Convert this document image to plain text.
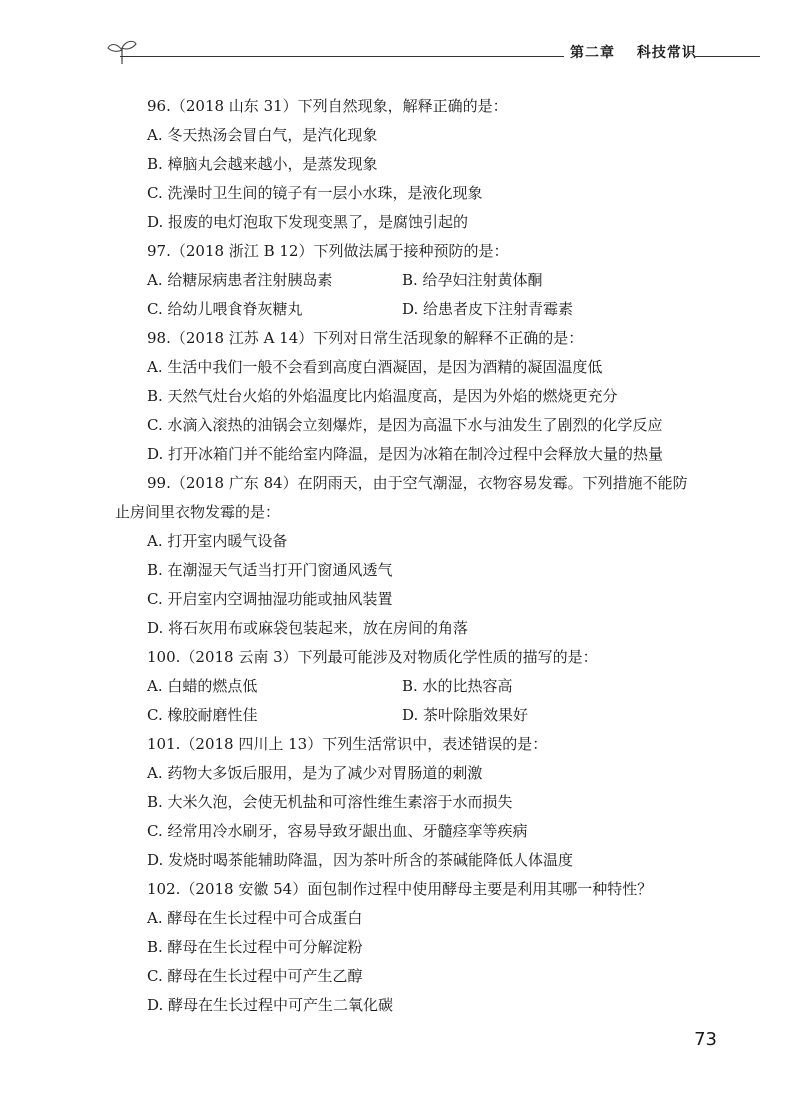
第二章 科技常识
96.（2018 山东 31）下列自然现象，解释正确的是：
A. 冬天热汤会冒白气，是汽化现象
B. 樟脑丸会越来越小，是蒸发现象
C. 洗澡时卫生间的镜子有一层小水珠，是液化现象
D. 报废的电灯泡取下发现变黑了，是腐蚀引起的
97.（2018 浙江 B 12）下列做法属于接种预防的是：
A. 给糖尿病患者注射胰岛素	B. 给孕妇注射黄体酮
C. 给幼儿喂食脊灰糖丸	D. 给患者皮下注射青霉素
98.（2018 江苏 A 14）下列对日常生活现象的解释不正确的是：
A. 生活中我们一般不会看到高度白酒凝固，是因为酒精的凝固温度低
B. 天然气灶台火焰的外焰温度比内焰温度高，是因为外焰的燃烧更充分
C. 水滴入滚热的油锅会立刻爆炸，是因为高温下水与油发生了剧烈的化学反应
D. 打开冰箱门并不能给室内降温，是因为冰箱在制冷过程中会释放大量的热量
99.（2018 广东 84）在阴雨天，由于空气潮湿，衣物容易发霉。下列措施不能防
止房间里衣物发霉的是：
A. 打开室内暖气设备
B. 在潮湿天气适当打开门窗通风透气
C. 开启室内空调抽湿功能或抽风装置
D. 将石灰用布或麻袋包装起来，放在房间的角落
100.（2018 云南 3）下列最可能涉及对物质化学性质的描写的是：
A. 白蜡的燃点低	B. 水的比热容高
C. 橡胶耐磨性佳	D. 茶叶除脂效果好
101.（2018 四川上 13）下列生活常识中，表述错误的是：
A. 药物大多饭后服用，是为了减少对胃肠道的刺激
B. 大米久泡，会使无机盐和可溶性维生素溶于水而损失
C. 经常用冷水刷牙，容易导致牙龈出血、牙髓痉挛等疾病
D. 发烧时喝茶能辅助降温，因为茶叶所含的茶碱能降低人体温度
102.（2018 安徽 54）面包制作过程中使用酵母主要是利用其哪一种特性？
A. 酵母在生长过程中可合成蛋白
B. 酵母在生长过程中可分解淀粉
C. 酵母在生长过程中可产生乙醇
D. 酵母在生长过程中可产生二氧化碳
73
